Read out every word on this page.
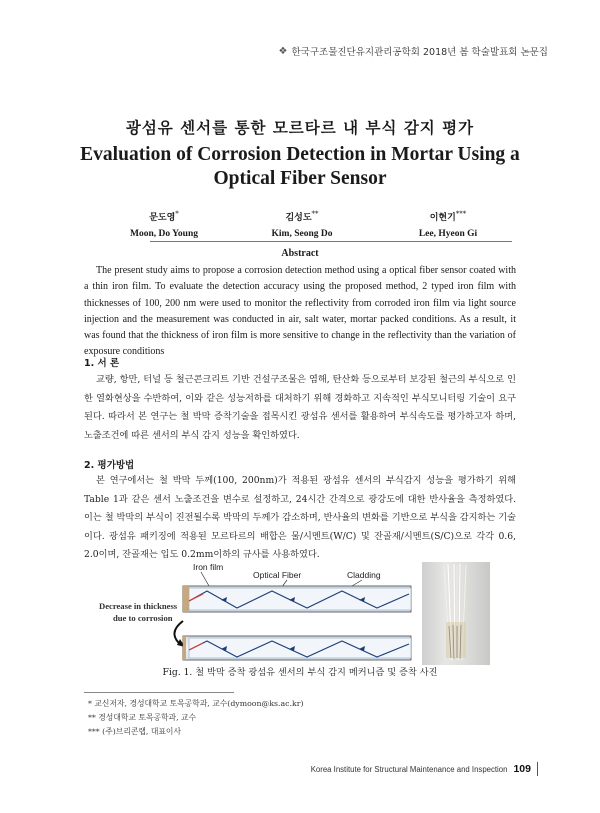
❖ 한국구조물진단유지관리공학회 2018년 봄 학술발표회 논문집
광섬유 센서를 통한 모르타르 내 부식 감지 평가
Evaluation of Corrosion Detection in Mortar Using a Optical Fiber Sensor
문도영*
Moon, Do Young
김성도**
Kim, Seong Do
이현기***
Lee, Hyeon Gi
Abstract
The present study aims to propose a corrosion detection method using a optical fiber sensor coated with a thin iron film. To evaluate the detection accuracy using the proposed method, 2 typed iron film with thicknesses of 100, 200 nm were used to monitor the reflectivity from corroded iron film via light source injection and the measurement was conducted in air, salt water, mortar packed conditions. As a result, it was found that the thickness of iron film is more sensitive to change in the reflectivity than the variation of exposure conditions
1. 서 론
교량, 항만, 터널 등 철근콘크리트 기반 건설구조물은 염해, 탄산화 등으로부터 보강된 철근의 부식으로 인한 열화현상을 수반하여, 이와 같은 성능저하를 대처하기 위해 경화하고 지속적인 부식모니터링 기술이 요구된다. 따라서 본 연구는 철 박막 증착기술을 접목시킨 광섬유 센서를 활용하여 부식속도를 평가하고자 하며, 노출조건에 따른 센서의 부식 감지 성능을 확인하였다.
2. 평가방법
본 연구에서는 철 박막 두께(100, 200nm)가 적용된 광섬유 센서의 부식감지 성능을 평가하기 위해 Table 1과 같은 센서 노출조건을 변수로 설정하고, 24시간 간격으로 광강도에 대한 반사율을 측정하였다. 이는 철 박막의 부식이 진전될수록 박막의 두께가 감소하며, 반사율의 변화를 기반으로 부식을 감지하는 기술이다. 광섬유 패키징에 적용된 모르타르의 배합은 물/시멘트(W/C) 및 잔골재/시멘트(S/C)으로 각각 0.6, 2.0이며, 잔골재는 입도 0.2mm이하의 규사를 사용하였다.
Iron film
Optical Fiber	Cladding
Decrease in thickness
due to corrosion
Fig. 1. 철 박막 증착 광섬유 센서의 부식 감지 메커니즘 및 증착 사진
* 교신저자, 경성대학교 토목공학과, 교수(dymoon@ks.ac.kr)
** 경성대학교 토목공학과, 교수
*** (주)브리콘랩, 대표이사
Korea Institute for Structural Maintenance and Inspection 109
